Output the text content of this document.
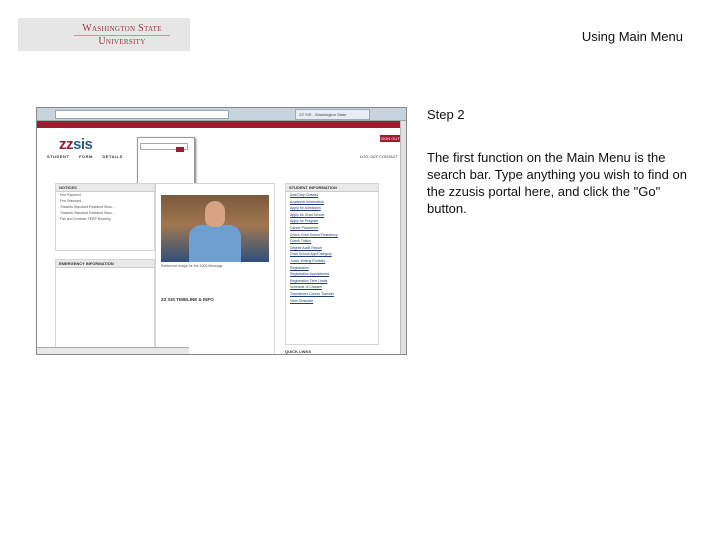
Washington State
University	Using Main Menu
ZZ SIS - Washington State
zzsis
STUDENT FORM DETAILS
SIGN OUT
LOG OUT CONTACT
NOTICES
Fee Payment
Fee Standard...
Towards Standard Resident Sess...
Towards Standard Resident Sess...
Fall and Summer FERP Booking
EMERGENCY INFORMATION	Reference image for the 2009 Message
ZZ SIS TIMELINE & INFO
STUDENT INFORMATION
Add/Drop Classes
Academic Information
Apply for Admission
Apply for Grad School
Apply for Program
Career Placement
Check Grad School Residency
Check Tuition
Degree Audit Report
Grad School App/Category
Junior Writing Portfolio
Registration
Registration Appointment
Registration Time Limits
Schedule of Classes
Transferred Course Transfer
View Schedule
QUICK LINKS
Step 2
The first function on the Main Menu is the search bar. Type anything you wish to find on the zzusis portal here, and click the "Go" button.
